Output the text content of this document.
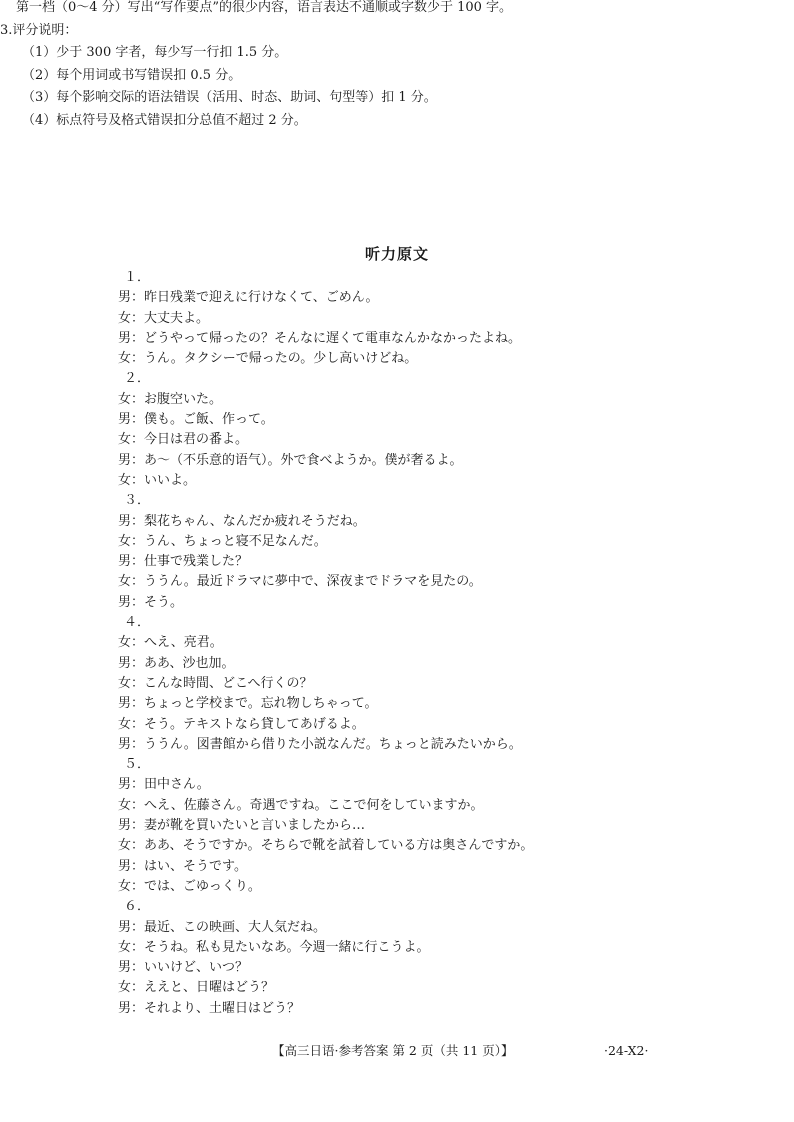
第一档（0～4 分）写出“写作要点”的很少内容，语言表达不通顺或字数少于 100 字。
3.评分说明：
（1）少于 300 字者，每少写一行扣 1.5 分。
（2）每个用词或书写错误扣 0.5 分。
（3）每个影响交际的语法错误（活用、时态、助词、句型等）扣 1 分。
（4）标点符号及格式错误扣分总值不超过 2 分。
听力原文
１．
男：昨日残業で迎えに行けなくて、ごめん。
女：大丈夫よ。
男：どうやって帰ったの？そんなに遅くて電車なんかなかったよね。
女：うん。タクシーで帰ったの。少し高いけどね。
２．
女：お腹空いた。
男：僕も。ご飯、作って。
女：今日は君の番よ。
男：あ～（不乐意的语气）。外で食べようか。僕が奢るよ。
女：いいよ。
３．
男：梨花ちゃん、なんだか疲れそうだね。
女：うん、ちょっと寝不足なんだ。
男：仕事で残業した？
女：ううん。最近ドラマに夢中で、深夜までドラマを見たの。
男：そう。
４．
女：へえ、亮君。
男：ああ、沙也加。
女：こんな時間、どこへ行くの？
男：ちょっと学校まで。忘れ物しちゃって。
女：そう。テキストなら貸してあげるよ。
男：ううん。図書館から借りた小説なんだ。ちょっと読みたいから。
５．
男：田中さん。
女：へえ、佐藤さん。奇遇ですね。ここで何をしていますか。
男：妻が靴を買いたいと言いましたから…
女：ああ、そうですか。そちらで靴を試着している方は奥さんですか。
男：はい、そうです。
女：では、ごゆっくり。
６．
男：最近、この映画、大人気だね。
女：そうね。私も見たいなあ。今週一緒に行こうよ。
男：いいけど、いつ？
女：ええと、日曜はどう？
男：それより、土曜日はどう？
【高三日语·参考答案 第 2 页（共 11 页）】	·24-X2·
